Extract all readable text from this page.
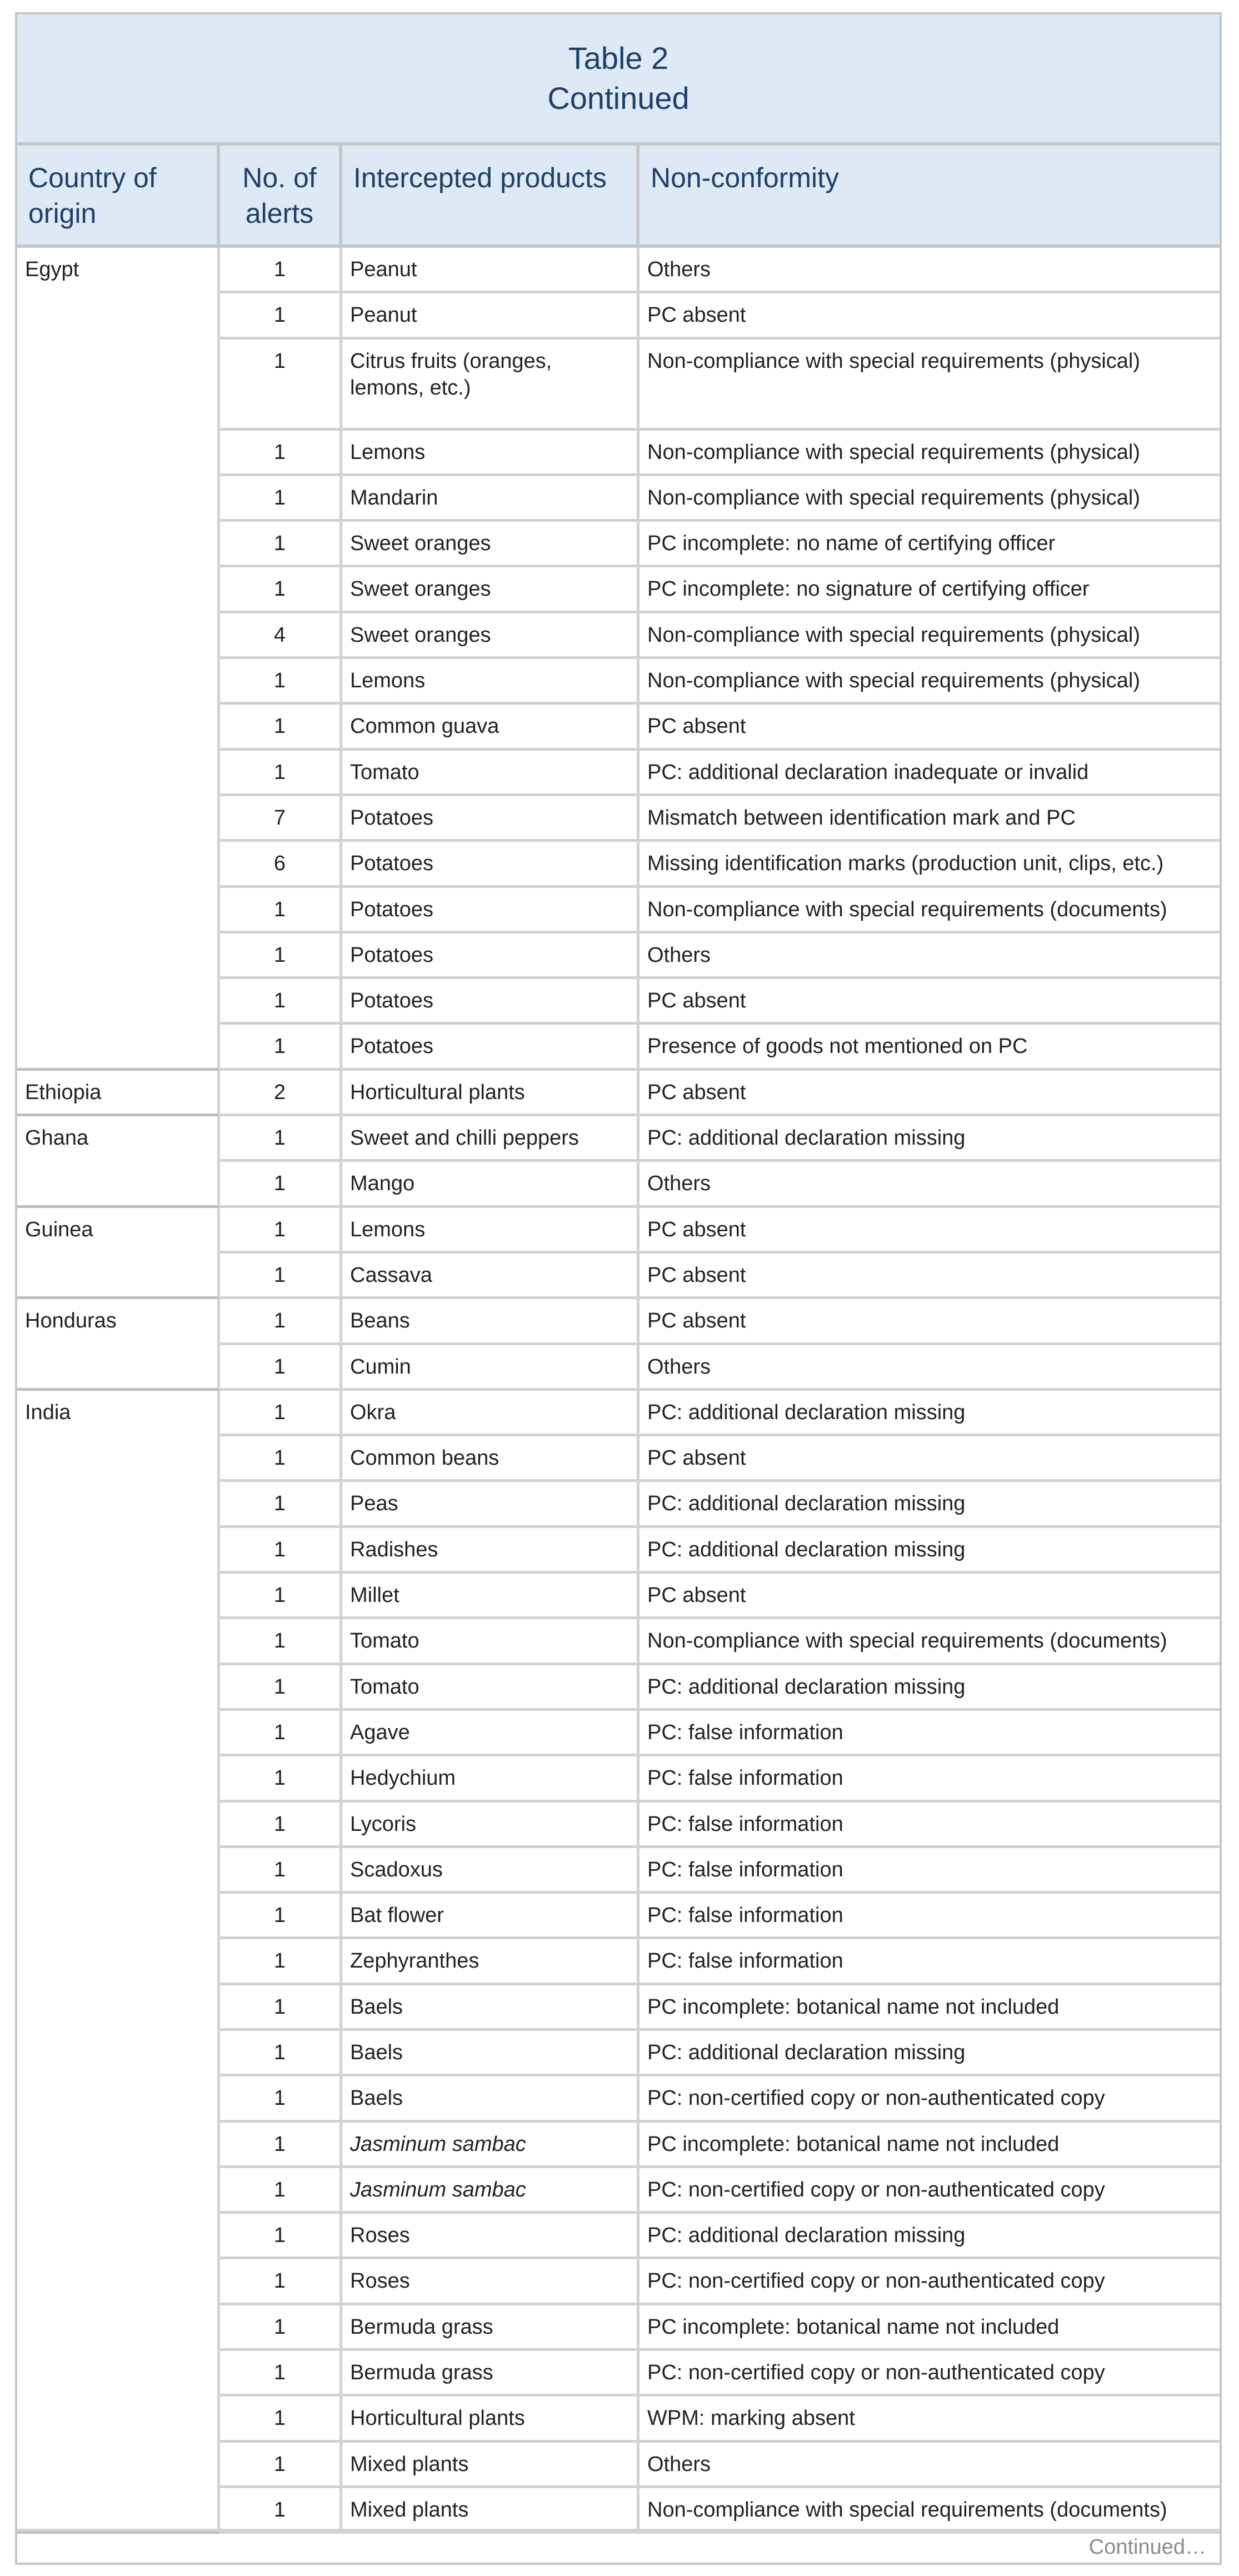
Table 2
Continued
Country of origin	No. of alerts	Intercepted products	Non-conformity
Egypt	1	Peanut	Others
	1	Peanut	PC absent
	1	Citrus fruits (oranges, lemons, etc.)	Non-compliance with special requirements (physical)
	1	Lemons	Non-compliance with special requirements (physical)
	1	Mandarin	Non-compliance with special requirements (physical)
	1	Sweet oranges	PC incomplete: no name of certifying officer
	1	Sweet oranges	PC incomplete: no signature of certifying officer
	4	Sweet oranges	Non-compliance with special requirements (physical)
	1	Lemons	Non-compliance with special requirements (physical)
	1	Common guava	PC absent
	1	Tomato	PC: additional declaration inadequate or invalid
	7	Potatoes	Mismatch between identification mark and PC
	6	Potatoes	Missing identification marks (production unit, clips, etc.)
	1	Potatoes	Non-compliance with special requirements (documents)
	1	Potatoes	Others
	1	Potatoes	PC absent
	1	Potatoes	Presence of goods not mentioned on PC
Ethiopia	2	Horticultural plants	PC absent
Ghana	1	Sweet and chilli peppers	PC: additional declaration missing
	1	Mango	Others
Guinea	1	Lemons	PC absent
	1	Cassava	PC absent
Honduras	1	Beans	PC absent
	1	Cumin	Others
India	1	Okra	PC: additional declaration missing
	1	Common beans	PC absent
	1	Peas	PC: additional declaration missing
	1	Radishes	PC: additional declaration missing
	1	Millet	PC absent
	1	Tomato	Non-compliance with special requirements (documents)
	1	Tomato	PC: additional declaration missing
	1	Agave	PC: false information
	1	Hedychium	PC: false information
	1	Lycoris	PC: false information
	1	Scadoxus	PC: false information
	1	Bat flower	PC: false information
	1	Zephyranthes	PC: false information
	1	Baels	PC incomplete: botanical name not included
	1	Baels	PC: additional declaration missing
	1	Baels	PC: non-certified copy or non-authenticated copy
	1	Jasminum sambac	PC incomplete: botanical name not included
	1	Jasminum sambac	PC: non-certified copy or non-authenticated copy
	1	Roses	PC: additional declaration missing
	1	Roses	PC: non-certified copy or non-authenticated copy
	1	Bermuda grass	PC incomplete: botanical name not included
	1	Bermuda grass	PC: non-certified copy or non-authenticated copy
	1	Horticultural plants	WPM: marking absent
	1	Mixed plants	Others
	1	Mixed plants	Non-compliance with special requirements (documents)
Continued…
